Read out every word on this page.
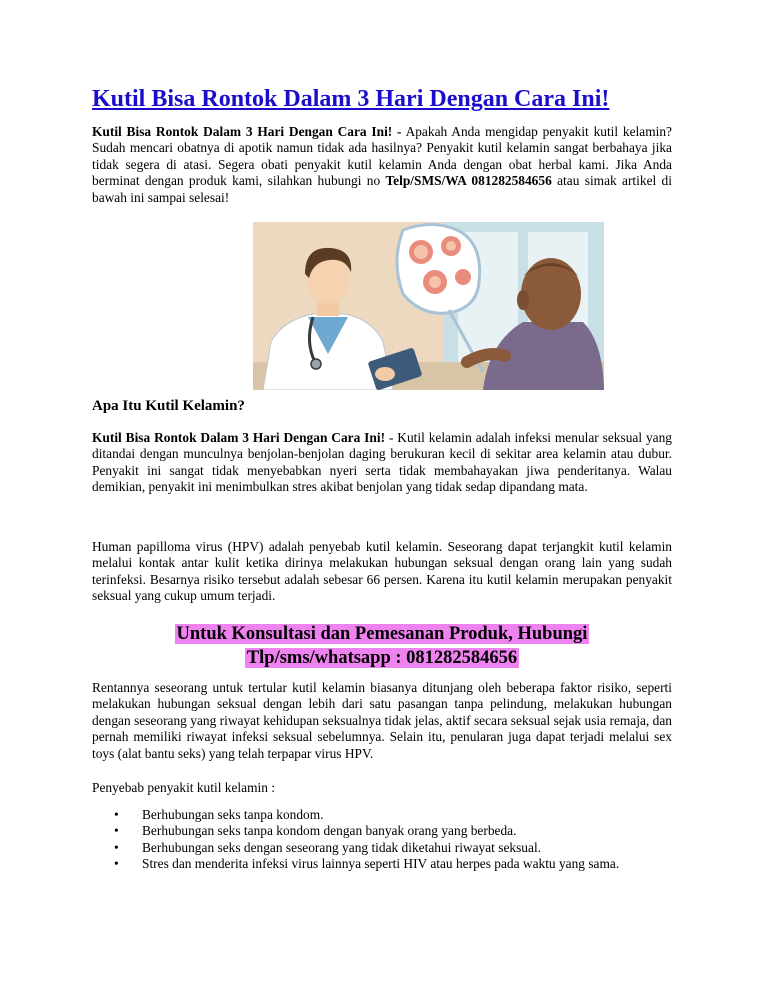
Kutil Bisa Rontok Dalam 3 Hari Dengan Cara Ini!

Kutil Bisa Rontok Dalam 3 Hari Dengan Cara Ini! - Apakah Anda mengidap penyakit kutil kelamin? Sudah mencari obatnya di apotik namun tidak ada hasilnya? Penyakit kutil kelamin sangat berbahaya jika tidak segera di atasi. Segera obati penyakit kutil kelamin Anda dengan obat herbal kami. Jika Anda berminat dengan produk kami, silahkan hubungi no Telp/SMS/WA 081282584656 atau simak artikel di bawah ini sampai selesai!

Apa Itu Kutil Kelamin?

Kutil Bisa Rontok Dalam 3 Hari Dengan Cara Ini! - Kutil kelamin adalah infeksi menular seksual yang ditandai dengan munculnya benjolan-benjolan daging berukuran kecil di sekitar area kelamin atau dubur. Penyakit ini sangat tidak menyebabkan nyeri serta tidak membahayakan jiwa penderitanya. Walau demikian, penyakit ini menimbulkan stres akibat benjolan yang tidak sedap dipandang mata.

Human papilloma virus (HPV) adalah penyebab kutil kelamin. Seseorang dapat terjangkit kutil kelamin melalui kontak antar kulit ketika dirinya melakukan hubungan seksual dengan orang lain yang sudah terinfeksi. Besarnya risiko tersebut adalah sebesar 66 persen. Karena itu kutil kelamin merupakan penyakit seksual yang cukup umum terjadi.

Untuk Konsultasi dan Pemesanan Produk, Hubungi
Tlp/sms/whatsapp : 081282584656

Rentannya seseorang untuk tertular kutil kelamin biasanya ditunjang oleh beberapa faktor risiko, seperti melakukan hubungan seksual dengan lebih dari satu pasangan tanpa pelindung, melakukan hubungan dengan seseorang yang riwayat kehidupan seksualnya tidak jelas, aktif secara seksual sejak usia remaja, dan pernah memiliki riwayat infeksi seksual sebelumnya. Selain itu, penularan juga dapat terjadi melalui sex toys (alat bantu seks) yang telah terpapar virus HPV.

Penyebab penyakit kutil kelamin :

• Berhubungan seks tanpa kondom.
• Berhubungan seks tanpa kondom dengan banyak orang yang berbeda.
• Berhubungan seks dengan seseorang yang tidak diketahui riwayat seksual.
• Stres dan menderita infeksi virus lainnya seperti HIV atau herpes pada waktu yang sama.
